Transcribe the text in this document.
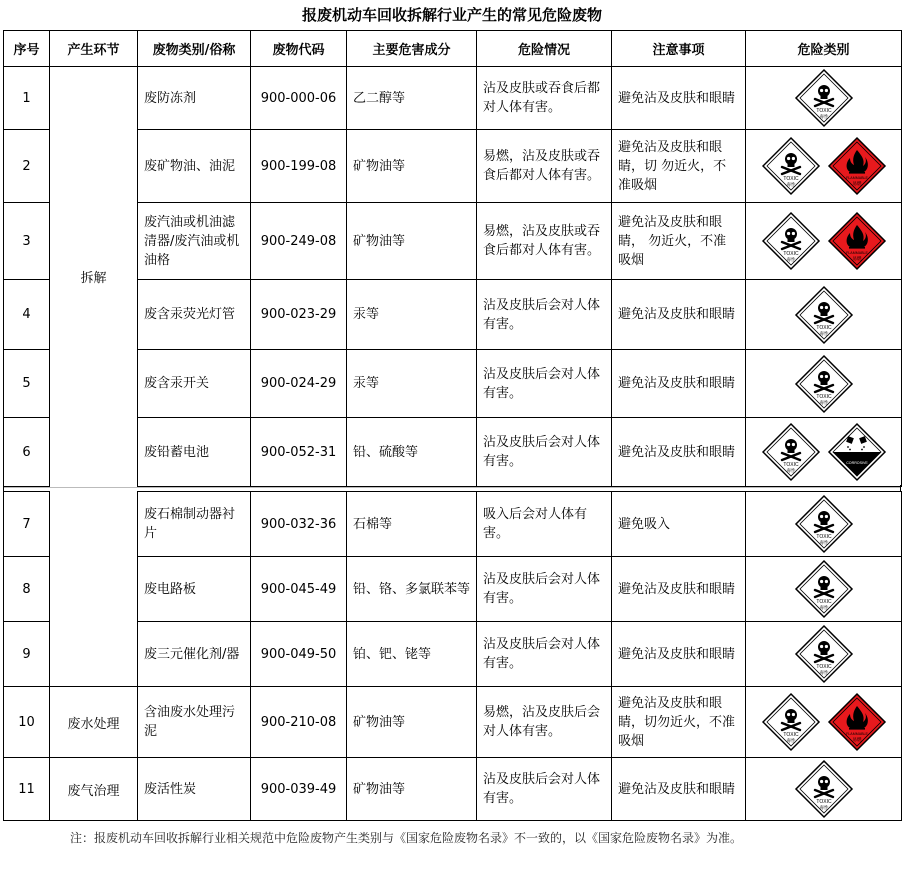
报废机动车回收拆解行业产生的常见危险废物
序号	产生环节	废物类别/俗称	废物代码	主要危害成分	危险情况	注意事项	危险类别
1	拆解	废防冻剂	900-000-06	乙二醇等	沾及皮肤或吞食后都对人体有害。	避免沾及皮肤和眼睛	TOXIC
毒性

2		废矿物油、油泥	900-199-08	矿物油等	易燃，沾及皮肤或吞食后都对人体有害。	避免沾及皮肤和眼睛，切 勿近火，不准吸烟	TOXIC
毒性
FLAMMABLE
易燃

3		废汽油或机油滤清器/废汽油或机油格	900-249-08	矿物油等	易燃，沾及皮肤或吞食后都对人体有害。	避免沾及皮肤和眼睛， 勿近火，不准吸烟	TOXIC
毒性
FLAMMABLE
易燃

4		废含汞荧光灯管	900-023-29	汞等	沾及皮肤后会对人体有害。	避免沾及皮肤和眼睛	TOXIC
毒性

5		废含汞开关	900-024-29	汞等	沾及皮肤后会对人体有害。	避免沾及皮肤和眼睛	TOXIC
毒性

6		废铅蓄电池	900-052-31	铅、硫酸等	沾及皮肤后会对人体有害。	避免沾及皮肤和眼睛	TOXIC
毒性
CORROSIVE
7		废石棉制动器衬片	900-032-36	石棉等	吸入后会对人体有害。	避免吸入	TOXIC
毒性

8		废电路板	900-045-49	铅、铬、多氯联苯等	沾及皮肤后会对人体有害。	避免沾及皮肤和眼睛	TOXIC
毒性

9		废三元催化剂/器	900-049-50	铂、钯、铑等	沾及皮肤后会对人体有害。	避免沾及皮肤和眼睛	TOXIC
毒性

10	废水处理	含油废水处理污泥	900-210-08	矿物油等	易燃，沾及皮肤后会对人体有害。	避免沾及皮肤和眼睛，切勿近火，不准吸烟	TOXIC
毒性
FLAMMABLE
易燃

11	废气治理	废活性炭	900-039-49	矿物油等	沾及皮肤后会对人体有害。	避免沾及皮肤和眼睛	TOXIC
毒性
注：报废机动车回收拆解行业相关规范中危险废物产生类别与《国家危险废物名录》不一致的，以《国家危险废物名录》为准。
